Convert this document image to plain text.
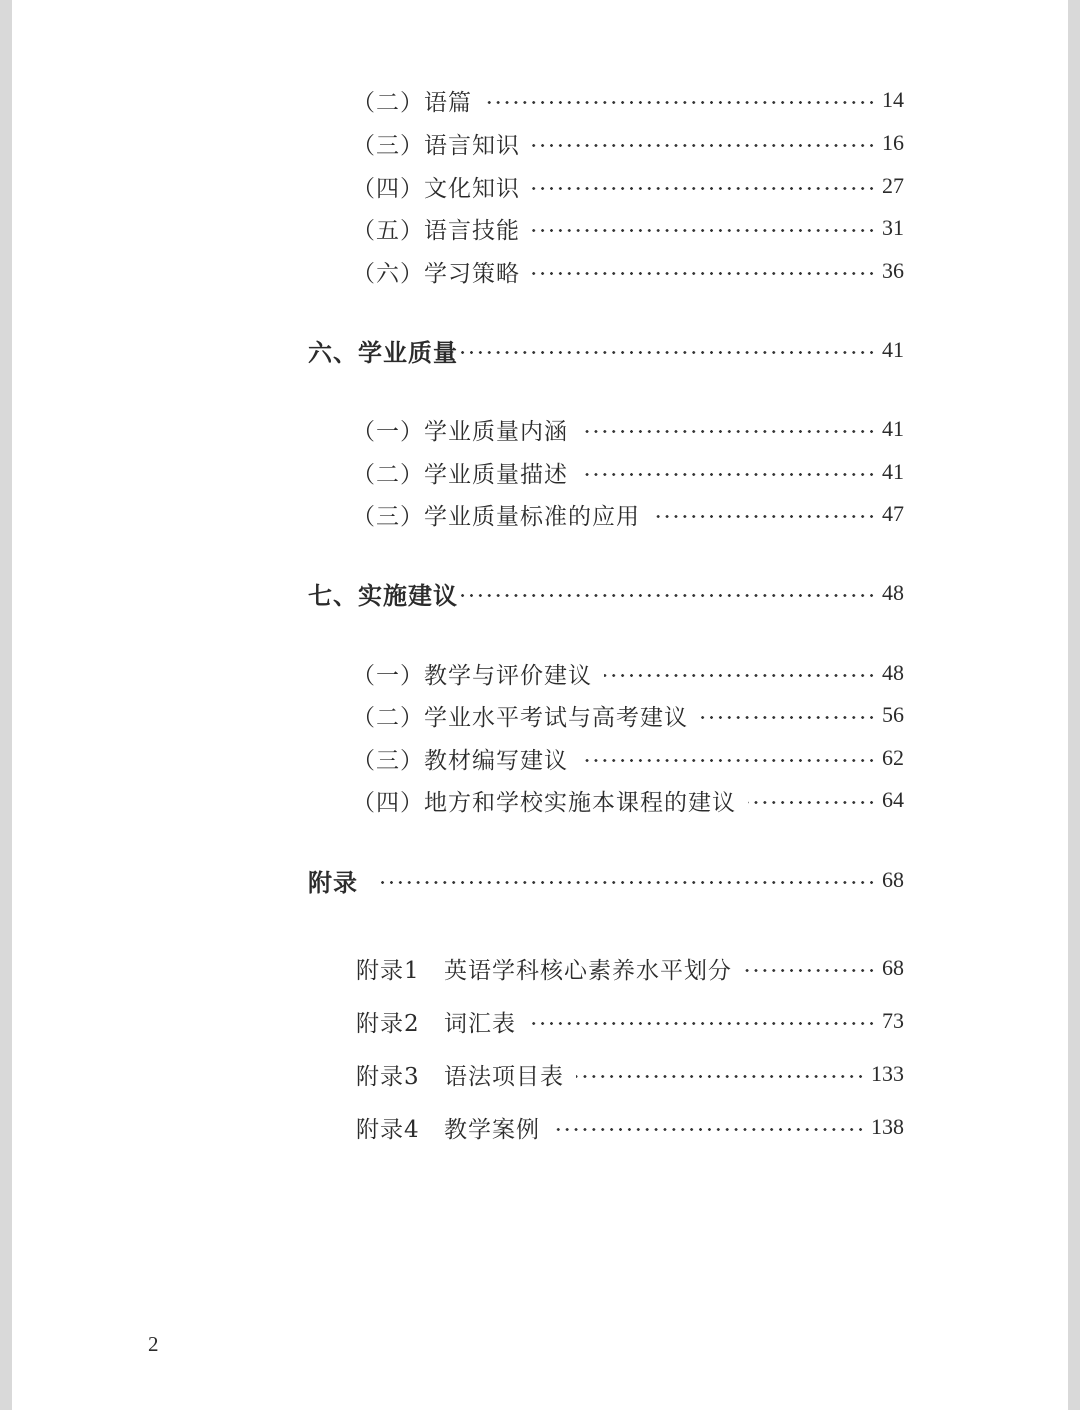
（二）语篇	14
（三）语言知识	16
（四）文化知识	27
（五）语言技能	31
（六）学习策略	36
六、学业质量	41
（一）学业质量内涵	41
（二）学业质量描述	41
（三）学业质量标准的应用	47
七、实施建议	48
（一）教学与评价建议	48
（二）学业水平考试与高考建议	56
（三）教材编写建议	62
（四）地方和学校实施本课程的建议	64
附录	68
附录1	英语学科核心素养水平划分	68
附录2	词汇表	73
附录3	语法项目表	133
附录4	教学案例	138
2
